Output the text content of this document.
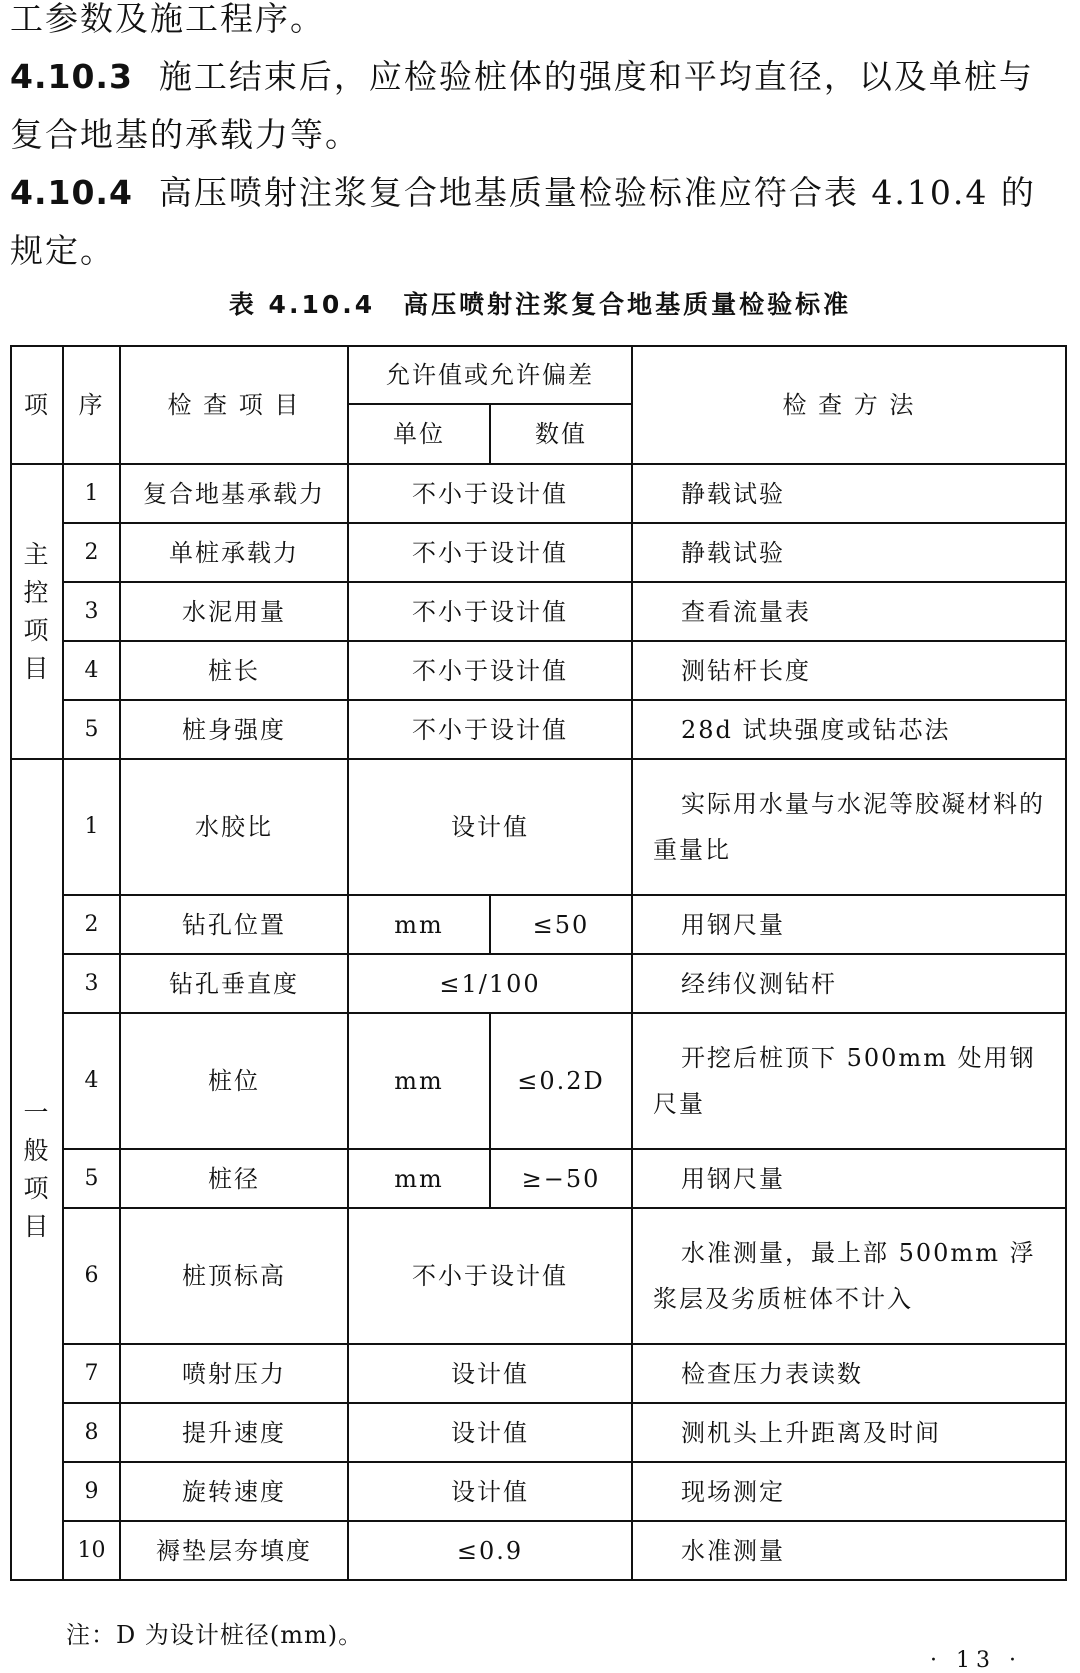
工参数及施工程序。
4.10.3 施工结束后，应检验桩体的强度和平均直径，以及单桩与复合地基的承载力等。
4.10.4 高压喷射注浆复合地基质量检验标准应符合表 4.10.4 的规定。
表 4.10.4 高压喷射注浆复合地基质量检验标准
项	序	检 查 项 目	允许值或允许偏差		检 查 方 法
			单位	数值	
主控项目	1	复合地基承载力	不小于设计值		静载试验
	2	单桩承载力	不小于设计值		静载试验
	3	水泥用量	不小于设计值		查看流量表
	4	桩长	不小于设计值		测钻杆长度
	5	桩身强度	不小于设计值		28d 试块强度或钻芯法
一般项目	1	水胶比	设计值		实际用水量与水泥等胶凝材料的重量比
	2	钻孔位置	mm	≤50	用钢尺量
	3	钻孔垂直度	≤1/100		经纬仪测钻杆
	4	桩位	mm	≤0.2D	开挖后桩顶下 500mm 处用钢尺量
	5	桩径	mm	≥−50	用钢尺量
	6	桩顶标高	不小于设计值		水准测量，最上部 500mm 浮浆层及劣质桩体不计入
	7	喷射压力	设计值		检查压力表读数
	8	提升速度	设计值		测机头上升距离及时间
	9	旋转速度	设计值		现场测定
	10	褥垫层夯填度	≤0.9		水准测量
注：D 为设计桩径(mm)。
· 13 ·
